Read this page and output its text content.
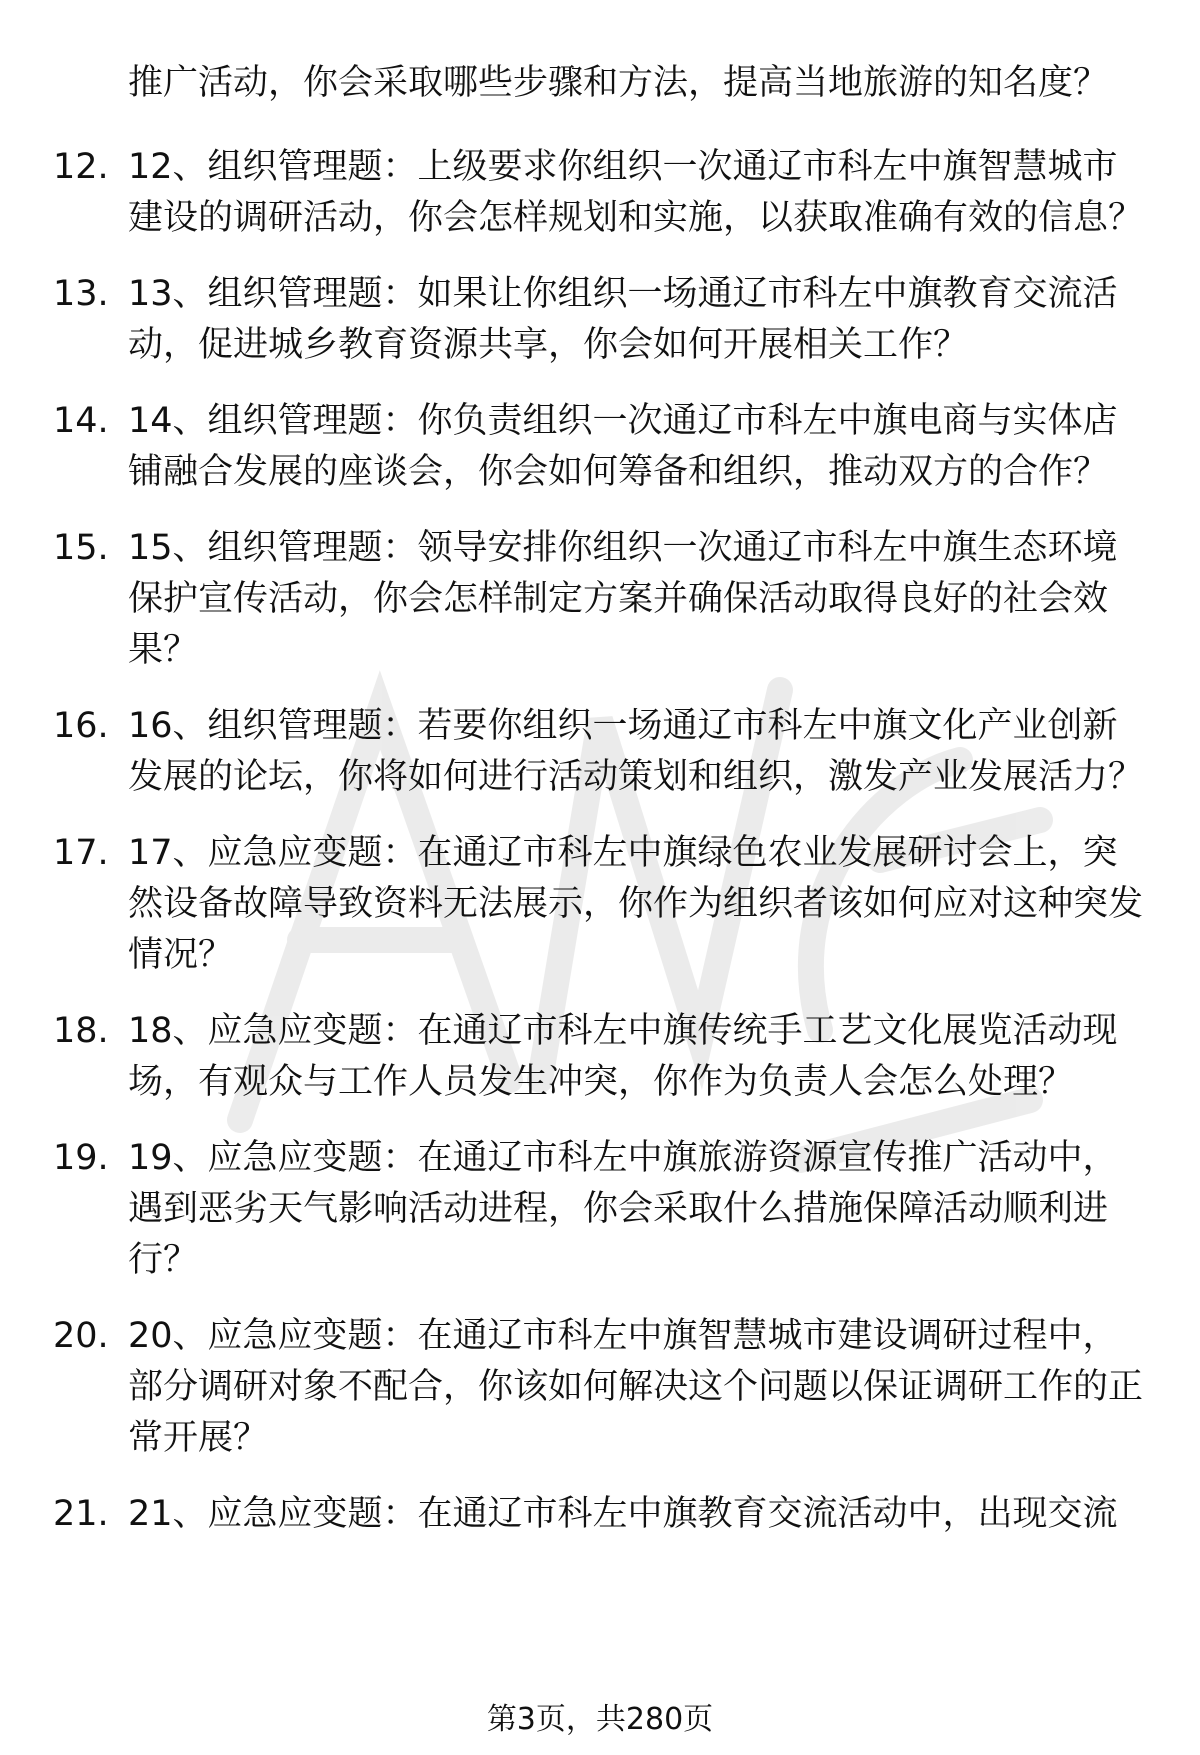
推广活动，你会采取哪些步骤和方法，提高当地旅游的知名度？
12. 12、组织管理题：上级要求你组织一次通辽市科左中旗智慧城市建设的调研活动，你会怎样规划和实施，以获取准确有效的信息？
13. 13、组织管理题：如果让你组织一场通辽市科左中旗教育交流活动，促进城乡教育资源共享，你会如何开展相关工作？
14. 14、组织管理题：你负责组织一次通辽市科左中旗电商与实体店铺融合发展的座谈会，你会如何筹备和组织，推动双方的合作？
15. 15、组织管理题：领导安排你组织一次通辽市科左中旗生态环境保护宣传活动，你会怎样制定方案并确保活动取得良好的社会效果？
16. 16、组织管理题：若要你组织一场通辽市科左中旗文化产业创新发展的论坛，你将如何进行活动策划和组织，激发产业发展活力？
17. 17、应急应变题：在通辽市科左中旗绿色农业发展研讨会上，突然设备故障导致资料无法展示，你作为组织者该如何应对这种突发情况？
18. 18、应急应变题：在通辽市科左中旗传统手工艺文化展览活动现场，有观众与工作人员发生冲突，你作为负责人会怎么处理？
19. 19、应急应变题：在通辽市科左中旗旅游资源宣传推广活动中，遇到恶劣天气影响活动进程，你会采取什么措施保障活动顺利进行？
20. 20、应急应变题：在通辽市科左中旗智慧城市建设调研过程中，部分调研对象不配合，你该如何解决这个问题以保证调研工作的正常开展？
21. 21、应急应变题：在通辽市科左中旗教育交流活动中，出现交流
第3页，共280页
